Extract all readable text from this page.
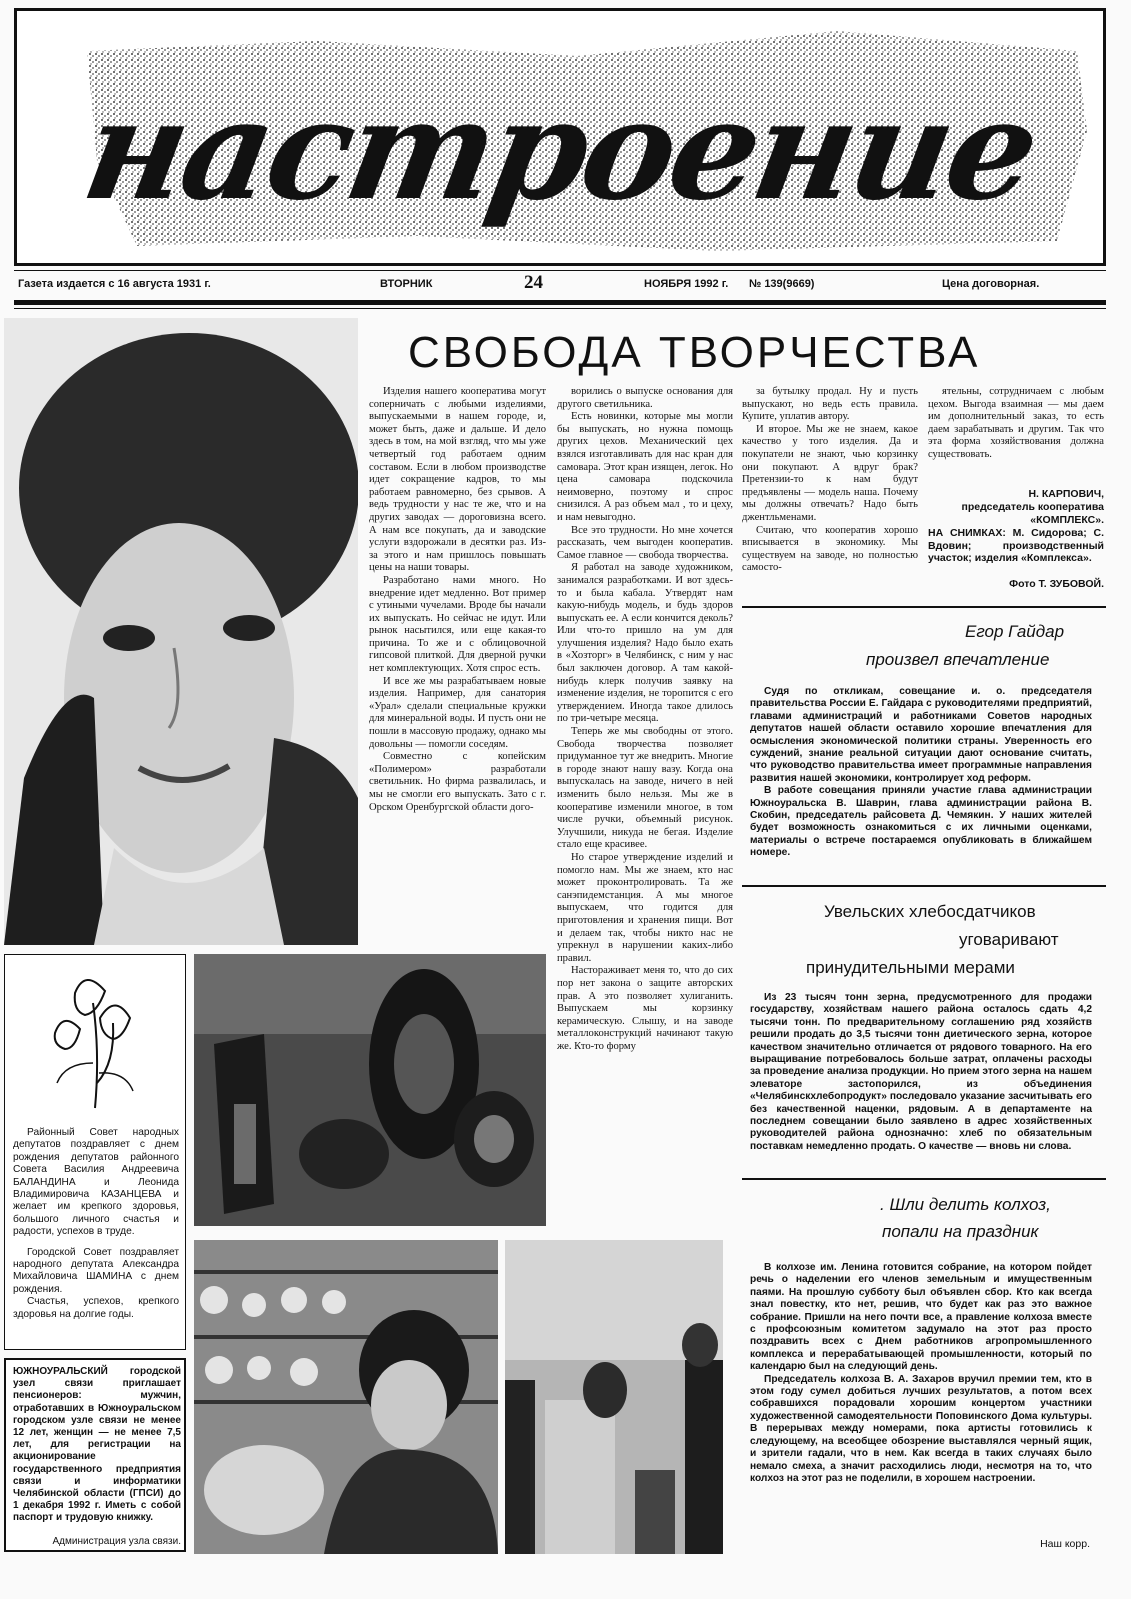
настроение
Газета издается с 16 августа 1931 г.	ВТОРНИК	24	НОЯБРЯ 1992 г. № 139(9669)	Цена договорная.
СВОБОДА ТВОРЧЕСТВА

Изделия нашего кооператива могут соперничать с любыми изделиями, выпускаемыми в нашем городе, и, может быть, даже и дальше. И дело здесь в том, на мой взгляд, что мы уже четвертый год работаем одним составом. Если в любом производстве идет сокращение кадров, то мы работаем равномерно, без срывов. А ведь трудности у нас те же, что и на других заводах — дороговизна всего. А нам все покупать, да и заводские услуги вздорожали в десятки раз. Из-за этого и нам пришлось повышать цены на наши товары.

Разработано нами много. Но внедрение идет медленно. Вот пример с утиными чучелами. Вроде бы начали их выпускать. Но сейчас не идут. Или рынок насытился, или еще какая-то причина. То же и с облицовочной гипсовой плиткой. Для дверной ручки нет комплектующих. Хотя спрос есть.

И все же мы разрабатываем новые изделия. Например, для санатория «Урал» сделали специальные кружки для минеральной воды. И пусть они не пошли в массовую продажу, однако мы довольны — помогли соседям.

Совместно с копейским «Полимером» разработали светильник. Но фирма развалилась, и мы не смогли его выпускать. Зато с г. Орском Оренбургской области дого-

ворились о выпуске основания для другого светильника.

Есть новинки, которые мы могли бы выпускать, но нужна помощь других цехов. Механический цех взялся изготавливать для нас кран для самовара. Этот кран изящен, легок. Но цена самовара подскочила неимоверно, поэтому и спрос снизился. А раз объем мал , то и цеху, и нам невыгодно.

Все это трудности. Но мне хочется рассказать, чем выгоден кооператив. Самое главное — свобода творчества.

Я работал на заводе художником, занимался разработками. И вот здесь-то и была кабала. Утвердят нам какую-нибудь модель, и будь здоров выпускать ее. А если кончится деколь? Или что-то пришло на ум для улучшения изделия? Надо было ехать в «Хозторг» в Челябинск, с ним у нас был заключен договор. А там какой-нибудь клерк получив заявку на изменение изделия, не торопится с его утверждением. Иногда такое длилось по три-четыре месяца.

Теперь же мы свободны от этого. Свобода творчества позволяет придуманное тут же внедрить. Многие в городе знают нашу вазу. Когда она выпускалась на заводе, ничего в ней изменить было нельзя. Мы же в кооперативе изменили многое, в том числе ручки, объемный рисунок. Улучшили, никуда не бегая. Изделие стало еще красивее.

Но старое утверждение изделий и помогло нам. Мы же знаем, кто нас может проконтролировать. Та же санэпидемстанция. А мы многое выпускаем, что годится для приготовления и хранения пищи. Вот и делаем так, чтобы никто нас не упрекнул в нарушении каких-либо правил.

Настораживает меня то, что до сих пор нет закона о защите авторских прав. А это позволяет хулиганить. Выпускаем мы корзинку керамическую. Слышу, и на заводе металлоконструкций начинают такую же. Кто-то форму

за бутылку продал. Ну и пусть выпускают, но ведь есть правила. Купите, уплатив автору.

И второе. Мы же не знаем, какое качество у того изделия. Да и покупатели не знают, чью корзинку они покупают. А вдруг брак? Претензии-то к нам будут предъявлены — модель наша. Почему мы должны отвечать? Надо быть джентльменами.

Считаю, что кооператив хорошо вписывается в экономику. Мы существуем на заводе, но полностью самосто-

ятельны, сотрудничаем с любым цехом. Выгода взаимная — мы даем им дополнительный заказ, то есть даем зарабатывать и другим. Так что эта форма хозяйствования должна существовать.

Н. КАРПОВИЧ,
председатель кооператива «КОМПЛЕКС».
НА СНИМКАХ: М. Сидорова; С. Вдовин; производственный участок; изделия «Комплекса».
Фото Т. ЗУБОВОЙ.
Егор Гайдар
произвел впечатление

Судя по откликам, совещание и. о. председателя правительства России Е. Гайдара с руководителями предприятий, главами администраций и работниками Советов народных депутатов нашей области оставило хорошие впечатления для осмысления экономической политики страны. Уверенность его суждений, знание реальной ситуации дают основание считать, что руководство правительства имеет программные направления развития нашей экономики, контролирует ход реформ.

В работе совещания приняли участие глава администрации Южноуральска В. Шаврин, глава администрации района В. Скобин, председатель райсовета Д. Чемякин. У наших жителей будет возможность ознакомиться с их личными оценками, материалы о встрече постараемся опубликовать в ближайшем номере.

Увельских хлебосдатчиков
уговаривают
принудительными мерами

Из 23 тысяч тонн зерна, предусмотренного для продажи государству, хозяйствам нашего района осталось сдать 4,2 тысячи тонн. По предварительному соглашению ряд хозяйств решили продать до 3,5 тысячи тонн диетического зерна, которое качеством значительно отличается от рядового товарного. На его выращивание потребовалось больше затрат, оплачены расходы за проведение анализа продукции. Но прием этого зерна на нашем элеваторе застопорился, из объединения «Челябинскхлебопродукт» последовало указание засчитывать его без качественной наценки, рядовым. А в департаменте на последнем совещании было заявлено в адрес хозяйственных руководителей района однозначно: хлеб по обязательным поставкам немедленно продать. О качестве — вновь ни слова.

. Шли делить колхоз,
попали на праздник

В колхозе им. Ленина готовится собрание, на котором пойдет речь о наделении его членов земельным и имущественным паями. На прошлую субботу был объявлен сбор. Кто как всегда знал повестку, кто нет, решив, что будет как раз это важное собрание. Пришли на него почти все, а правление колхоза вместе с профсоюзным комитетом задумало на этот раз просто поздравить всех с Днем работников агропромышленного комплекса и перерабатывающей промышленности, который по календарю был на следующий день.

Председатель колхоза В. А. Захаров вручил премии тем, кто в этом году сумел добиться лучших результатов, а потом всех собравшихся порадовали хорошим концертом участники художественной самодеятельности Поповинского Дома культуры. В перерывах между номерами, пока артисты готовились к следующему, на всеобщее обозрение выставлялся черный ящик, и зрители гадали, что в нем. Как всегда в таких случаях было немало смеха, а значит расходились люди, несмотря на то, что колхоз на этот раз не поделили, в хорошем настроении.

Наш корр.

Районный Совет народных депутатов поздравляет с днем рождения депутатов районного Совета Василия Андреевича БАЛАНДИНА и Леонида Владимировича КАЗАНЦЕВА и желает им крепкого здоровья, большого личного счастья и радости, успехов в труде.

Городской Совет поздравляет народного депутата Александра Михайловича ШАМИНА с днем рождения.

Счастья, успехов, крепкого здоровья на долгие годы.

ЮЖНОУРАЛЬСКИЙ городской узел связи приглашает пенсионеров: мужчин, отработавших в Южноуральском городском узле связи не менее 12 лет, женщин — не менее 7,5 лет, для регистрации на акционирование государственного предприятия связи и информатики Челябинской области (ГПСИ) до 1 декабря 1992 г. Иметь с собой паспорт и трудовую книжку.
Администрация узла связи.
